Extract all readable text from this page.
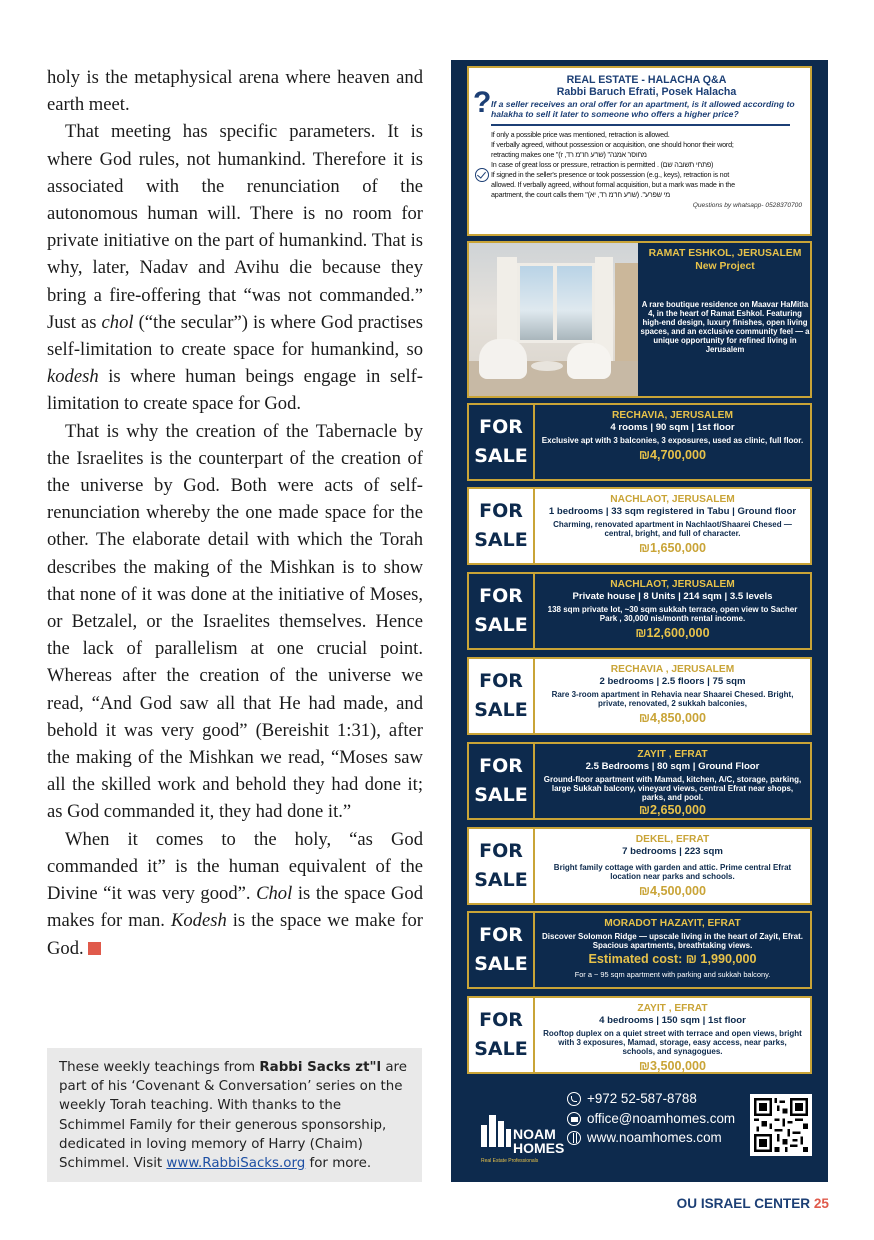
holy is the metaphysical arena where heaven and earth meet.

That meeting has specific parameters. It is where God rules, not humankind. Therefore it is associated with the renunciation of the autonomous human will. There is no room for private initiative on the part of humankind. That is why, later, Nadav and Avihu die because they bring a fire-offering that “was not commanded.” Just as chol (“the secular”) is where God practises self-limitation to create space for humankind, so kodesh is where human beings engage in self-limitation to create space for God.

That is why the creation of the Tabernacle by the Israelites is the counterpart of the creation of the universe by God. Both were acts of self-renunciation whereby the one made space for the other. The elaborate detail with which the Torah describes the making of the Mishkan is to show that none of it was done at the initiative of Moses, or Betzalel, or the Israelites themselves. Hence the lack of parallelism at one crucial point. Whereas after the creation of the universe we read, “And God saw all that He had made, and behold it was very good” (Bereishit 1:31), after the making of the Mishkan we read, “Moses saw all the skilled work and behold they had done it; as God commanded it, they had done it.”

When it comes to the holy, “as God commanded it” is the human equivalent of the Divine “it was very good”. Chol is the space God makes for man. Kodesh is the space we make for God.

These weekly teachings from Rabbi Sacks zt"l are part of his ‘Covenant & Conversation’ series on the weekly Torah teaching. With thanks to the Schimmel Family for their generous sponsorship, dedicated in loving memory of Harry (Chaim) Schimmel. Visit www.RabbiSacks.org for more.
?
REAL ESTATE - HALACHA Q&A
Rabbi Baruch Efrati, Posek Halacha
If a seller receives an oral offer for an apartment, is it allowed according to halakha to sell it later to someone who offers a higher price?
If only a possible price was mentioned, retraction is allowed.
If verbally agreed, without possession or acquisition, one should honor their word;
retracting makes one "מחוסר אמנה" (שו"ע חו"מ רד, ז)
In case of great loss or pressure, retraction is permitted . (פתחי תשובה שם)
If signed in the seller's presence or took possession (e.g., keys), retraction is not
allowed. If verbally agreed, without formal acquisition, but a mark was made in the
apartment, the court calls them "מי שפרע". (שו"ע חו"מ רד, יא)
Questions by whatsapp- 0528370700
RAMAT ESHKOL, JERUSALEM
New Project
A rare boutique residence on Maavar HaMitla 4, in the heart of Ramat Eshkol. Featuring high-end design, luxury finishes, open living spaces, and an exclusive community feel — a unique opportunity for refined living in Jerusalem
FOR
SALE
RECHAVIA, JERUSALEM
4 rooms | 90 sqm | 1st floor
Exclusive apt with 3 balconies, 3 exposures, used as clinic, full floor.
₪4,700,000
FOR
SALE
NACHLAOT, JERUSALEM
1 bedrooms | 33 sqm registered in Tabu | Ground floor
Charming, renovated apartment in Nachlaot/Shaarei Chesed — central, bright, and full of character.
₪1,650,000
FOR
SALE
NACHLAOT, JERUSALEM
Private house | 8 Units | 214 sqm | 3.5 levels
138 sqm private lot, ~30 sqm sukkah terrace, open view to Sacher Park , 30,000 nis/month rental income.
₪12,600,000
FOR
SALE
RECHAVIA , JERUSALEM
2 bedrooms | 2.5 floors | 75 sqm
Rare 3-room apartment in Rehavia near Shaarei Chesed. Bright, private, renovated, 2 sukkah balconies,
₪4,850,000
FOR
SALE
ZAYIT , EFRAT
2.5 Bedrooms | 80 sqm | Ground Floor
Ground-floor apartment with Mamad, kitchen, A/C, storage, parking, large Sukkah balcony, vineyard views, central Efrat near shops, parks, and pool.
₪2,650,000
FOR
SALE
DEKEL, EFRAT
7 bedrooms | 223 sqm
Bright family cottage with garden and attic. Prime central Efrat location near parks and schools.
₪4,500,000
FOR
SALE
MORADOT HAZAYIT, EFRAT
Discover Solomon Ridge — upscale living in the heart of Zayit, Efrat. Spacious apartments, breathtaking views.
Estimated cost: ₪ 1,990,000
For a ~ 95 sqm apartment with parking and sukkah balcony.
FOR
SALE
ZAYIT , EFRAT
4 bedrooms | 150 sqm | 1st floor
Rooftop duplex on a quiet street with terrace and open views, bright with 3 exposures, Mamad, storage, easy access, near parks, schools, and synagogues.
₪3,500,000
NOAM
HOMES
Real Estate Professionals
+972 52-587-8788
office@noamhomes.com
www.noamhomes.com
OU ISRAEL CENTER 25
